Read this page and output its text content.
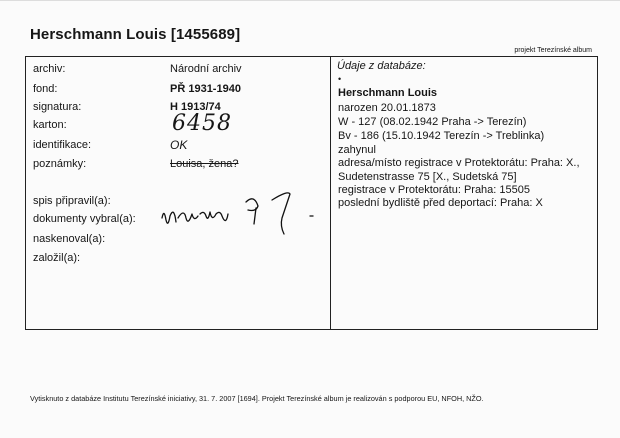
Herschmann Louis [1455689]
projekt Terezínské album
archiv:
fond:
signatura:
karton:
identifikace:
poznámky:
Národní archiv
PŘ 1931-1940
H 1913/74
6458
OK
Louisa, žena?
spis připravil(a):
dokumenty vybral(a):
naskenoval(a):
založil(a):
Údaje z databáze:
•
Herschmann Louis
narozen 20.01.1873
W - 127 (08.02.1942 Praha -> Terezín)
Bv - 186 (15.10.1942 Terezín -> Treblinka)
zahynul
adresa/místo registrace v Protektorátu: Praha: X.,
Sudetenstrasse 75 [X., Sudetská 75]
registrace v Protektorátu: Praha: 15505
poslední bydliště před deportací: Praha: X
Vytisknuto z databáze Institutu Terezínské iniciativy, 31. 7. 2007 [1694]. Projekt Terezínské album je realizován s podporou EU, NFOH, NŽO.
